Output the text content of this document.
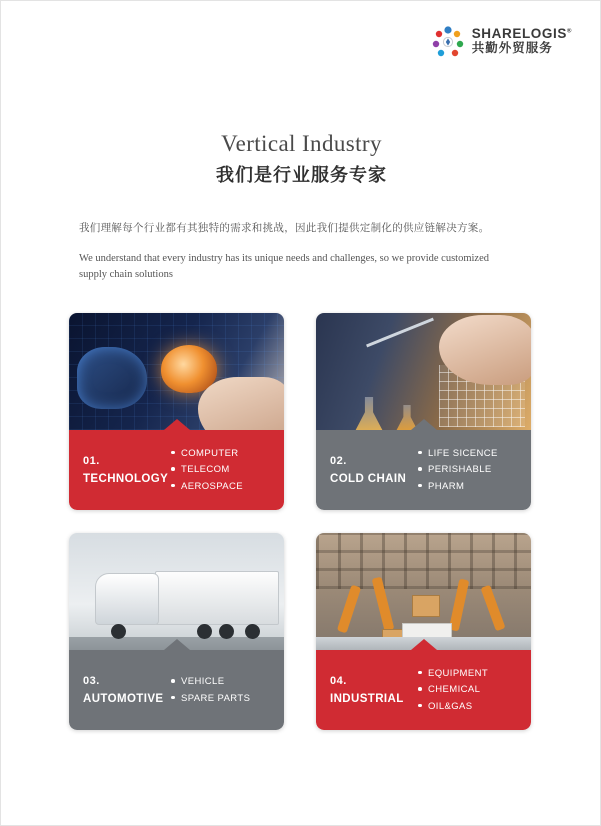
SHARELOGIS®
共勤外贸服务
Vertical Industry
我们是行业服务专家
我们理解每个行业都有其独特的需求和挑战，因此我们提供定制化的供应链解决方案。
We understand that every industry has its unique needs and challenges, so we provide customized supply chain solutions
01.
TECHNOLOGY
COMPUTER
TELECOM
AEROSPACE
02.
COLD CHAIN
LIFE SICENCE
PERISHABLE
PHARM
03.
AUTOMOTIVE
VEHICLE
SPARE PARTS
04.
INDUSTRIAL
EQUIPMENT
CHEMICAL
OIL&GAS
